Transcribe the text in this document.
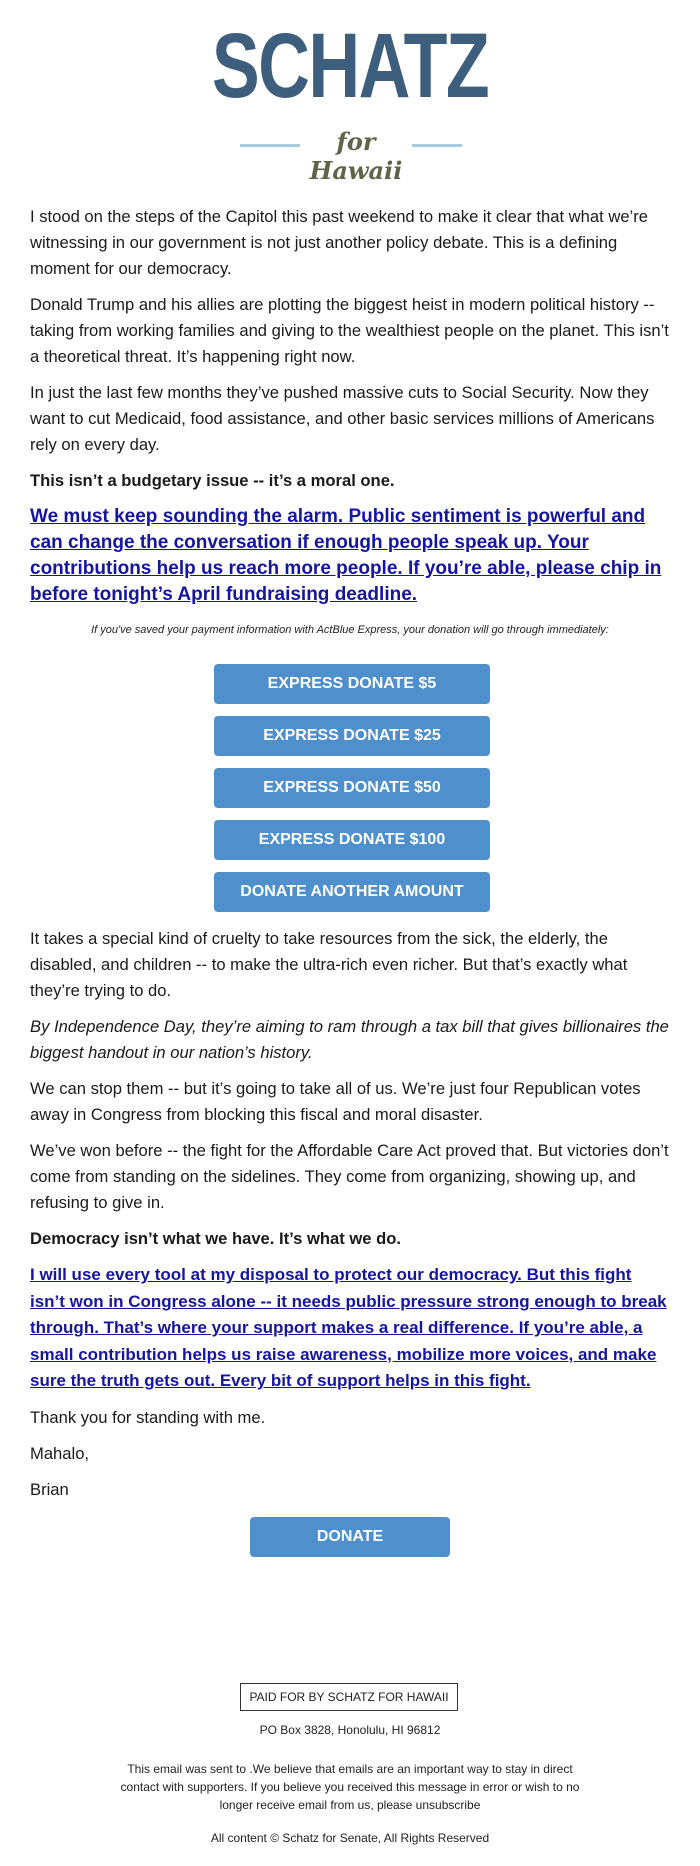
SCHATZ
for Hawaii

I stood on the steps of the Capitol this past weekend to make it clear that what we’re witnessing in our government is not just another policy debate. This is a defining moment for our democracy.

Donald Trump and his allies are plotting the biggest heist in modern political history -- taking from working families and giving to the wealthiest people on the planet. This isn’t a theoretical threat. It’s happening right now.

In just the last few months they’ve pushed massive cuts to Social Security. Now they want to cut Medicaid, food assistance, and other basic services millions of Americans rely on every day.

This isn’t a budgetary issue -- it’s a moral one.

We must keep sounding the alarm. Public sentiment is powerful and can change the conversation if enough people speak up. Your contributions help us reach more people. If you’re able, please chip in before tonight’s April fundraising deadline.

If you've saved your payment information with ActBlue Express, your donation will go through immediately:
EXPRESS DONATE $5
EXPRESS DONATE $25
EXPRESS DONATE $50
EXPRESS DONATE $100
DONATE ANOTHER AMOUNT

It takes a special kind of cruelty to take resources from the sick, the elderly, the disabled, and children -- to make the ultra-rich even richer. But that’s exactly what they’re trying to do.

By Independence Day, they’re aiming to ram through a tax bill that gives billionaires the biggest handout in our nation’s history.

We can stop them -- but it’s going to take all of us. We’re just four Republican votes away in Congress from blocking this fiscal and moral disaster.

We’ve won before -- the fight for the Affordable Care Act proved that. But victories don’t come from standing on the sidelines. They come from organizing, showing up, and refusing to give in.

Democracy isn’t what we have. It’s what we do.

I will use every tool at my disposal to protect our democracy. But this fight isn’t won in Congress alone -- it needs public pressure strong enough to break through. That’s where your support makes a real difference. If you’re able, a small contribution helps us raise awareness, mobilize more voices, and make sure the truth gets out. Every bit of support helps in this fight.

Thank you for standing with me.

Mahalo,

Brian

DONATE
PAID FOR BY SCHATZ FOR HAWAII
PO Box 3828, Honolulu, HI 96812
This email was sent to .We believe that emails are an important way to stay in direct contact with supporters. If you believe you received this message in error or wish to no longer receive email from us, please unsubscribe
All content © Schatz for Senate, All Rights Reserved
